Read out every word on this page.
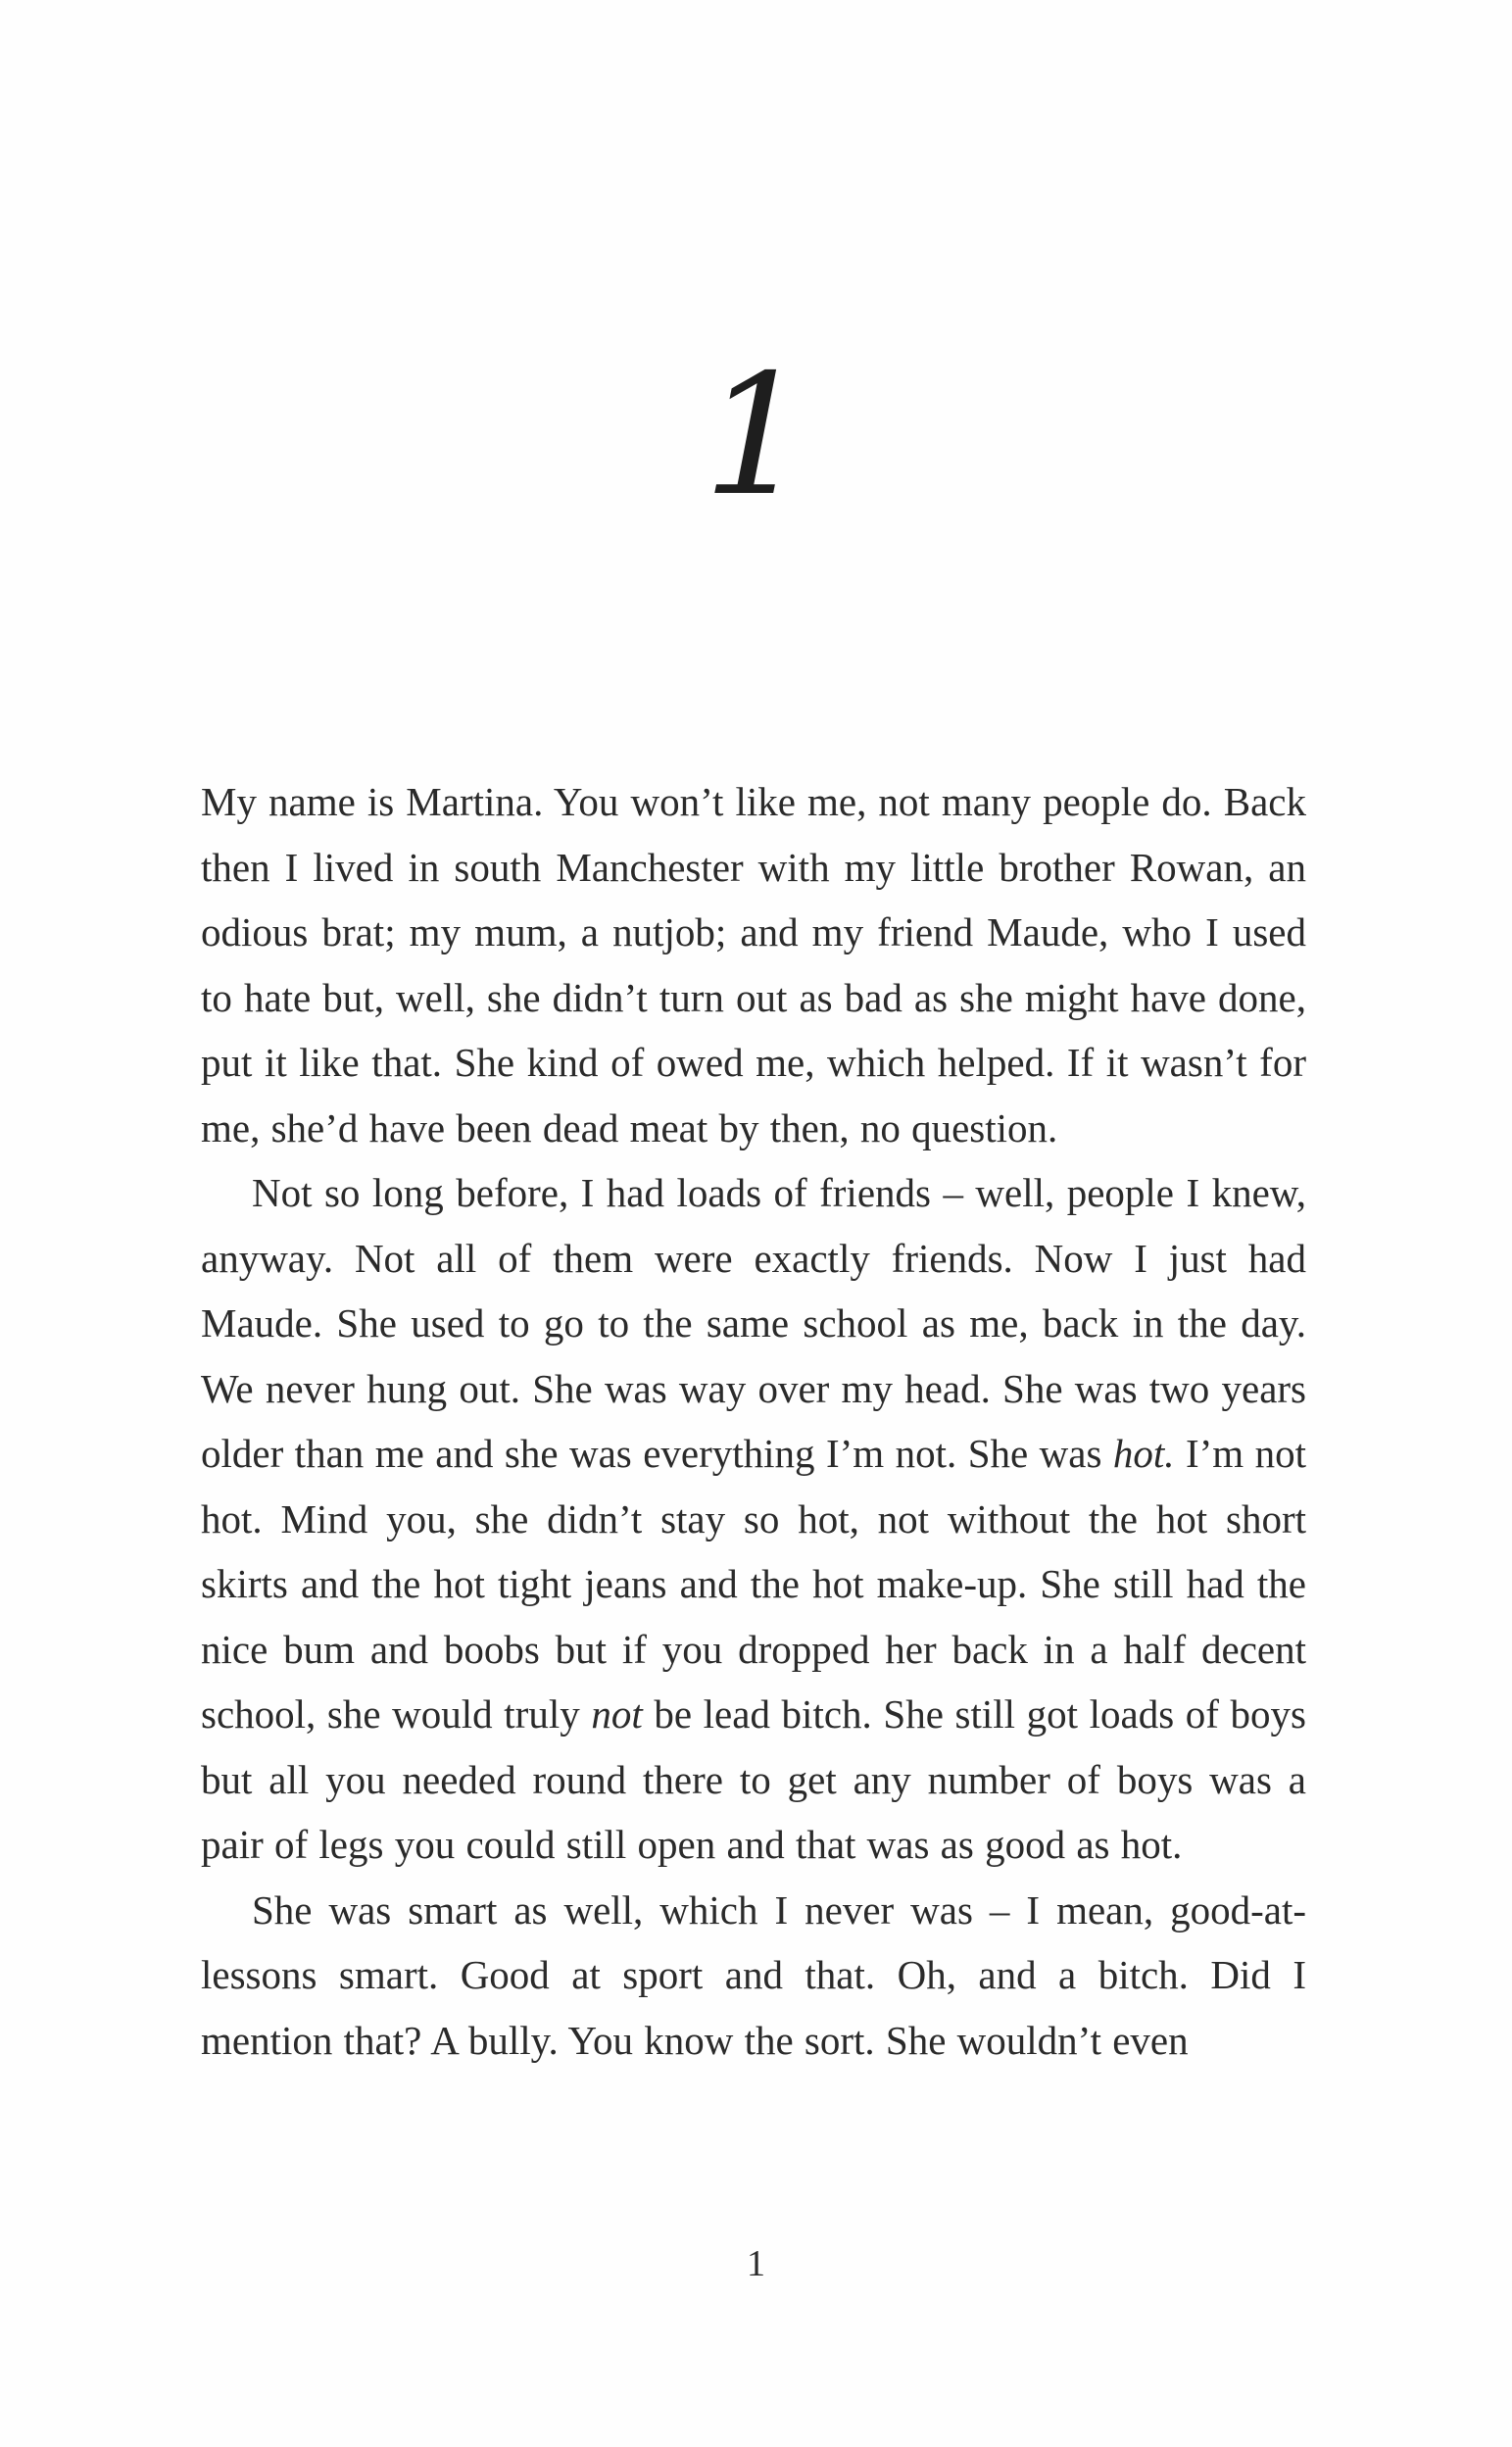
1

My name is Martina. You won’t like me, not many people do. Back then I lived in south Manchester with my little brother Rowan, an odious brat; my mum, a nutjob; and my friend Maude, who I used to hate but, well, she didn’t turn out as bad as she might have done, put it like that. She kind of owed me, which helped. If it wasn’t for me, she’d have been dead meat by then, no question.

Not so long before, I had loads of friends – well, people I knew, anyway. Not all of them were exactly friends. Now I just had Maude. She used to go to the same school as me, back in the day. We never hung out. She was way over my head. She was two years older than me and she was everything I’m not. She was hot. I’m not hot. Mind you, she didn’t stay so hot, not without the hot short skirts and the hot tight jeans and the hot make-up. She still had the nice bum and boobs but if you dropped her back in a half decent school, she would truly not be lead bitch. She still got loads of boys but all you needed round there to get any number of boys was a pair of legs you could still open and that was as good as hot.

She was smart as well, which I never was – I mean, good-at-lessons smart. Good at sport and that. Oh, and a bitch. Did I mention that? A bully. You know the sort. She wouldn’t even

1
